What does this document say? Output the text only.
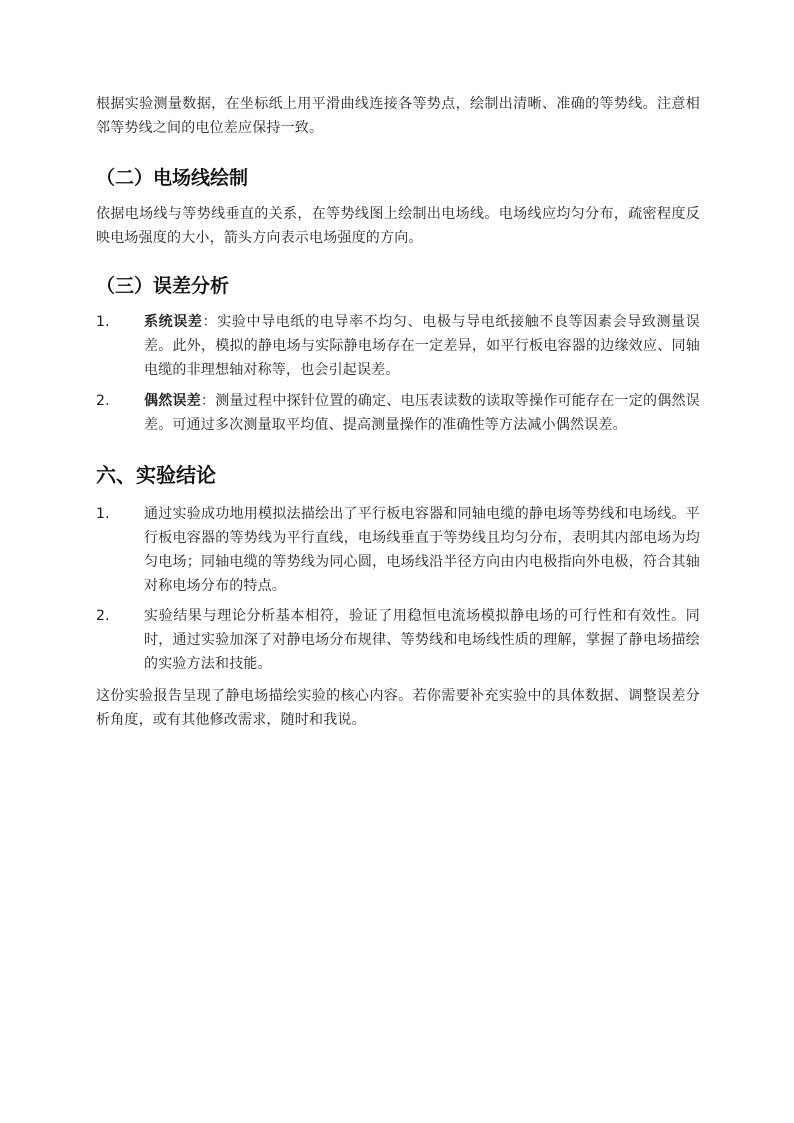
根据实验测量数据，在坐标纸上用平滑曲线连接各等势点，绘制出清晰、准确的等势线。注意相邻等势线之间的电位差应保持一致。
（二）电场线绘制
依据电场线与等势线垂直的关系，在等势线图上绘制出电场线。电场线应均匀分布，疏密程度反映电场强度的大小，箭头方向表示电场强度的方向。
（三）误差分析
1.	系统误差：实验中导电纸的电导率不均匀、电极与导电纸接触不良等因素会导致测量误差。此外，模拟的静电场与实际静电场存在一定差异，如平行板电容器的边缘效应、同轴电缆的非理想轴对称等，也会引起误差。
2.	偶然误差：测量过程中探针位置的确定、电压表读数的读取等操作可能存在一定的偶然误差。可通过多次测量取平均值、提高测量操作的准确性等方法减小偶然误差。
六、实验结论
1.	通过实验成功地用模拟法描绘出了平行板电容器和同轴电缆的静电场等势线和电场线。平行板电容器的等势线为平行直线，电场线垂直于等势线且均匀分布，表明其内部电场为均匀电场；同轴电缆的等势线为同心圆，电场线沿半径方向由内电极指向外电极，符合其轴对称电场分布的特点。
2.	实验结果与理论分析基本相符，验证了用稳恒电流场模拟静电场的可行性和有效性。同时，通过实验加深了对静电场分布规律、等势线和电场线性质的理解，掌握了静电场描绘的实验方法和技能。
这份实验报告呈现了静电场描绘实验的核心内容。若你需要补充实验中的具体数据、调整误差分析角度，或有其他修改需求，随时和我说。
